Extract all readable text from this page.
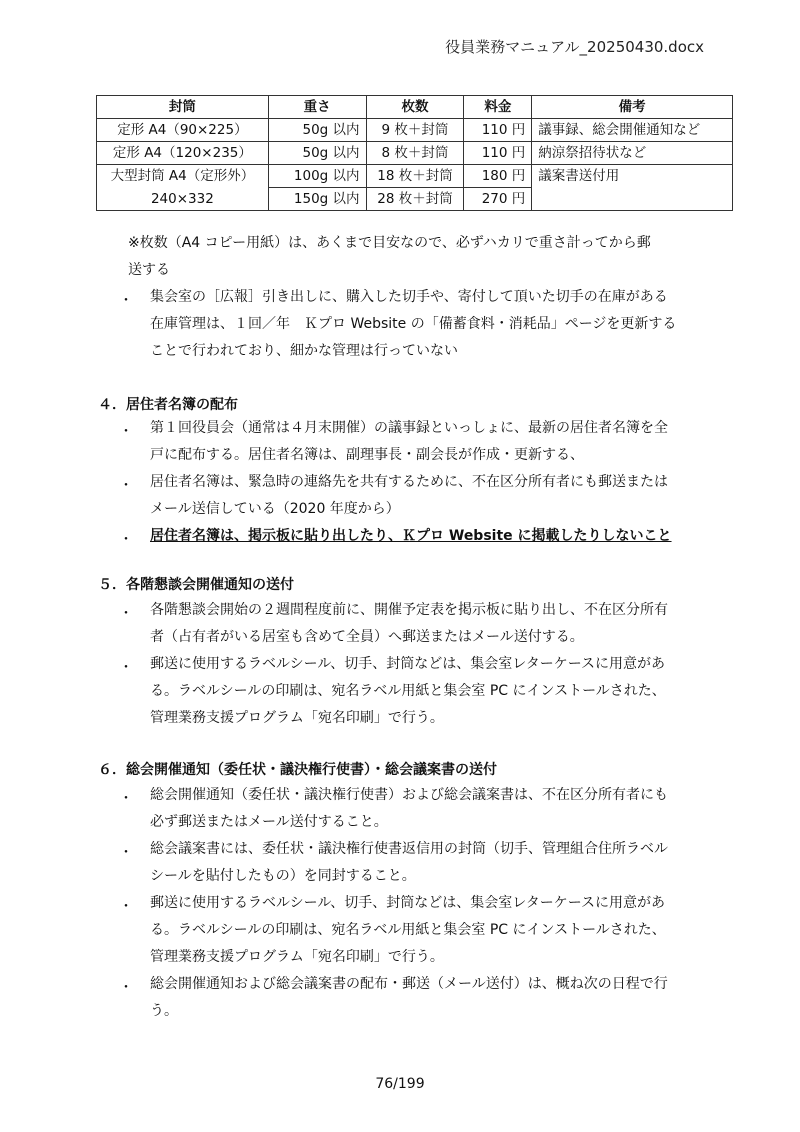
役員業務マニュアル_20250430.docx
封筒	重さ	枚数	料金	備考
定形 A4（90×225）	50g 以内	9 枚＋封筒	110 円	議事録、総会開催通知など
定形 A4（120×235）	50g 以内	8 枚＋封筒	110 円	納涼祭招待状など
大型封筒 A4（定形外）	100g 以内	18 枚＋封筒	180 円	議案書送付用
240×332	150g 以内	28 枚＋封筒	270 円	
※枚数（A4 コピー用紙）は、あくまで目安なので、必ずハカリで重さ計ってから郵
送する
・ 集会室の［広報］引き出しに、購入した切手や、寄付して頂いた切手の在庫がある
在庫管理は、１回／年　Ｋプロ Website の「備蓄食料・消耗品」ページを更新する
ことで行われており、細かな管理は行っていない
４．居住者名簿の配布
・ 第１回役員会（通常は４月末開催）の議事録といっしょに、最新の居住者名簿を全
戸に配布する。居住者名簿は、副理事長・副会長が作成・更新する、
・ 居住者名簿は、緊急時の連絡先を共有するために、不在区分所有者にも郵送または
メール送信している（2020 年度から）
・ 居住者名簿は、掲示板に貼り出したり、Ｋプロ Website に掲載したりしないこと
５．各階懇談会開催通知の送付
・ 各階懇談会開始の２週間程度前に、開催予定表を掲示板に貼り出し、不在区分所有
者（占有者がいる居室も含めて全員）へ郵送またはメール送付する。
・ 郵送に使用するラベルシール、切手、封筒などは、集会室レターケースに用意があ
る。ラベルシールの印刷は、宛名ラベル用紙と集会室 PC にインストールされた、
管理業務支援プログラム「宛名印刷」で行う。
６．総会開催通知（委任状・議決権行使書）・総会議案書の送付
・ 総会開催通知（委任状・議決権行使書）および総会議案書は、不在区分所有者にも
必ず郵送またはメール送付すること。
・ 総会議案書には、委任状・議決権行使書返信用の封筒（切手、管理組合住所ラベル
シールを貼付したもの）を同封すること。
・ 郵送に使用するラベルシール、切手、封筒などは、集会室レターケースに用意があ
る。ラベルシールの印刷は、宛名ラベル用紙と集会室 PC にインストールされた、
管理業務支援プログラム「宛名印刷」で行う。
・ 総会開催通知および総会議案書の配布・郵送（メール送付）は、概ね次の日程で行
う。
76/199
